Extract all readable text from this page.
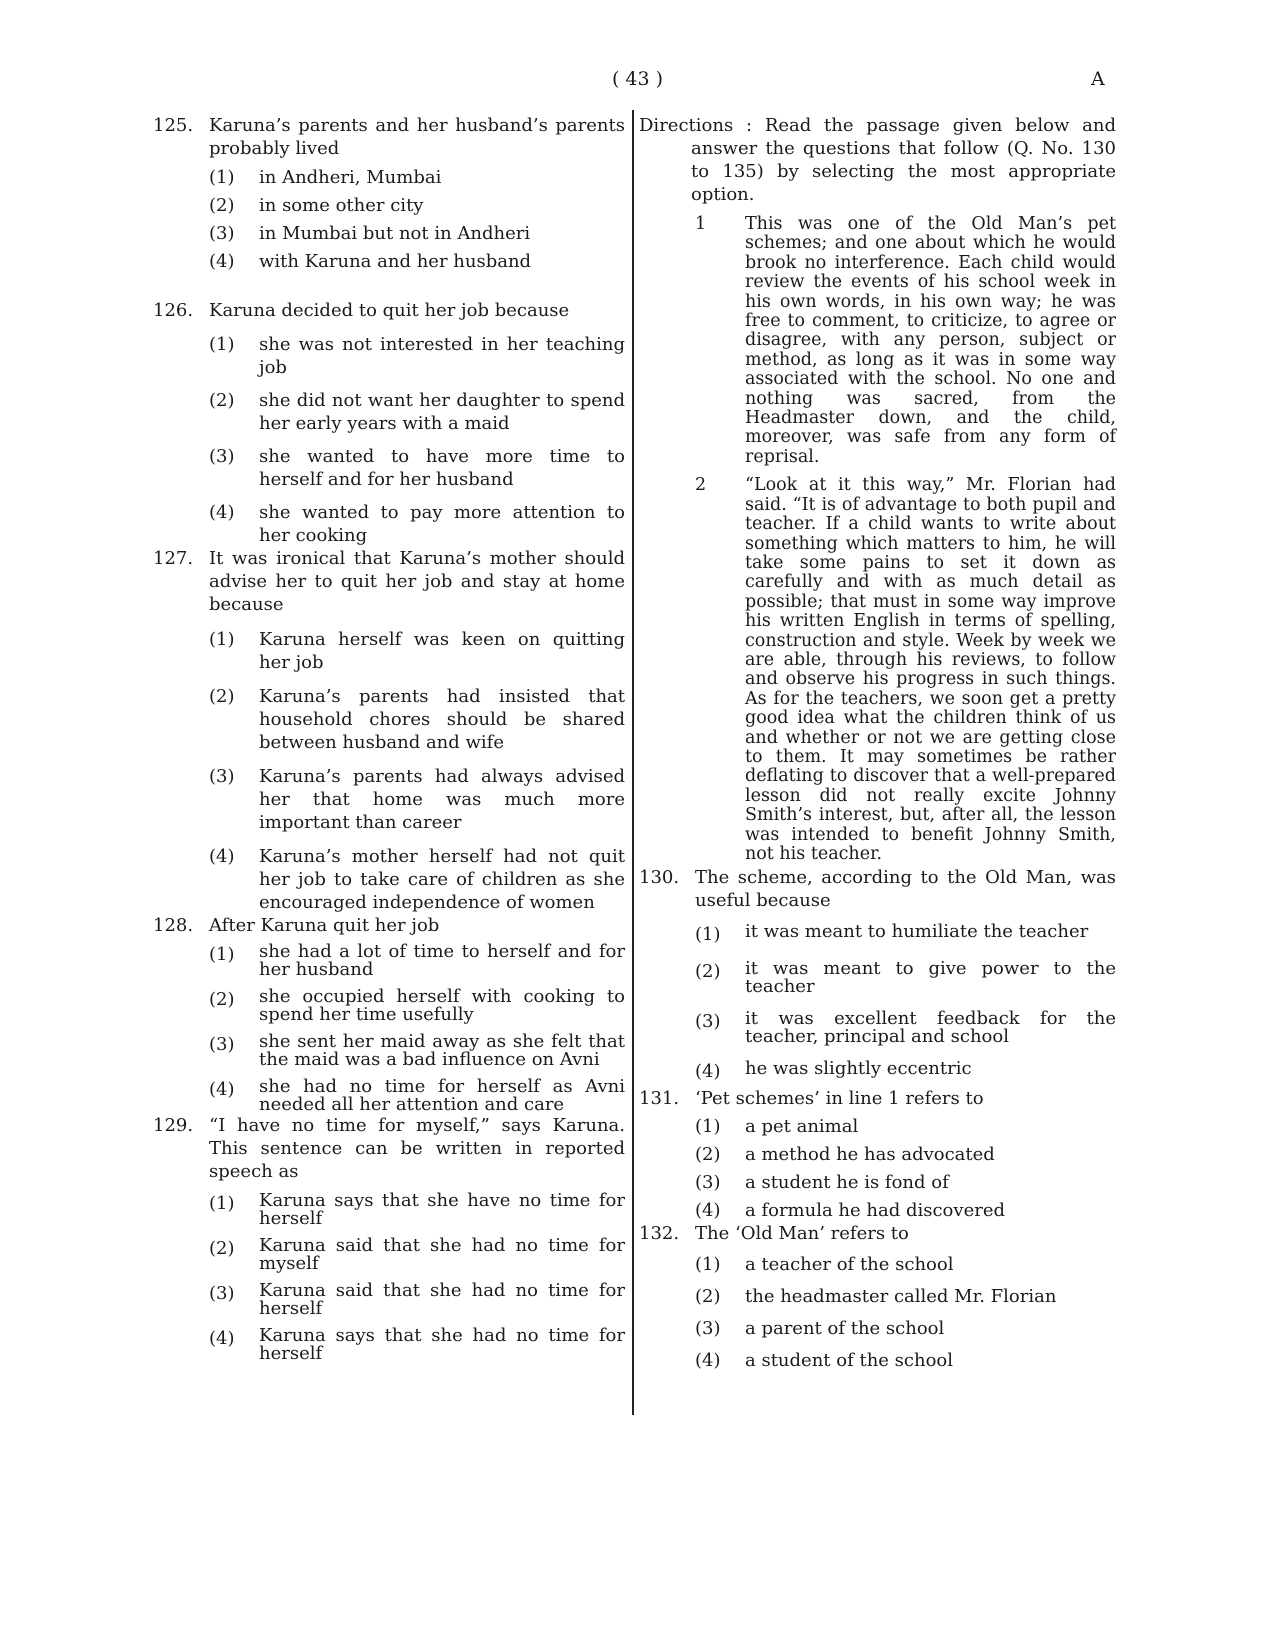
( 43 )	A
125. Karuna’s parents and her husband’s parents probably lived
(1)	in Andheri, Mumbai
(2)	in some other city
(3)	in Mumbai but not in Andheri
(4)	with Karuna and her husband
126. Karuna decided to quit her job because
(1)	she was not interested in her teaching job
(2)	she did not want her daughter to spend her early years with a maid
(3)	she wanted to have more time to herself and for her husband
(4)	she wanted to pay more attention to her cooking
127. It was ironical that Karuna’s mother should advise her to quit her job and stay at home because
(1)	Karuna herself was keen on quitting her job
(2)	Karuna’s parents had insisted that household chores should be shared between husband and wife
(3)	Karuna’s parents had always advised her that home was much more important than career
(4)	Karuna’s mother herself had not quit her job to take care of children as she encouraged independence of women
128. After Karuna quit her job
(1)	she had a lot of time to herself and for her husband
(2)	she occupied herself with cooking to spend her time usefully
(3)	she sent her maid away as she felt that the maid was a bad influence on Avni
(4)	she had no time for herself as Avni needed all her attention and care
129. “I have no time for myself,” says Karuna. This sentence can be written in reported speech as
(1)	Karuna says that she have no time for herself
(2)	Karuna said that she had no time for myself
(3)	Karuna said that she had no time for herself
(4)	Karuna says that she had no time for herself
Directions : Read the passage given below and answer the questions that follow (Q. No. 130 to 135) by selecting the most appropriate option.
1	This was one of the Old Man’s pet schemes; and one about which he would brook no interference. Each child would review the events of his school week in his own words, in his own way; he was free to comment, to criticize, to agree or disagree, with any person, subject or method, as long as it was in some way associated with the school. No one and nothing was sacred, from the Headmaster down, and the child, moreover, was safe from any form of reprisal.
2	“Look at it this way,” Mr. Florian had said. “It is of advantage to both pupil and teacher. If a child wants to write about something which matters to him, he will take some pains to set it down as carefully and with as much detail as possible; that must in some way improve his written English in terms of spelling, construction and style. Week by week we are able, through his reviews, to follow and observe his progress in such things. As for the teachers, we soon get a pretty good idea what the children think of us and whether or not we are getting close to them. It may sometimes be rather deflating to discover that a well-prepared lesson did not really excite Johnny Smith’s interest, but, after all, the lesson was intended to benefit Johnny Smith, not his teacher.
130. The scheme, according to the Old Man, was useful because
(1)	it was meant to humiliate the teacher
(2)	it was meant to give power to the teacher
(3)	it was excellent feedback for the teacher, principal and school
(4)	he was slightly eccentric
131. ‘Pet schemes’ in line 1 refers to
(1)	a pet animal
(2)	a method he has advocated
(3)	a student he is fond of
(4)	a formula he had discovered
132. The ‘Old Man’ refers to
(1)	a teacher of the school
(2)	the headmaster called Mr. Florian
(3)	a parent of the school
(4)	a student of the school
